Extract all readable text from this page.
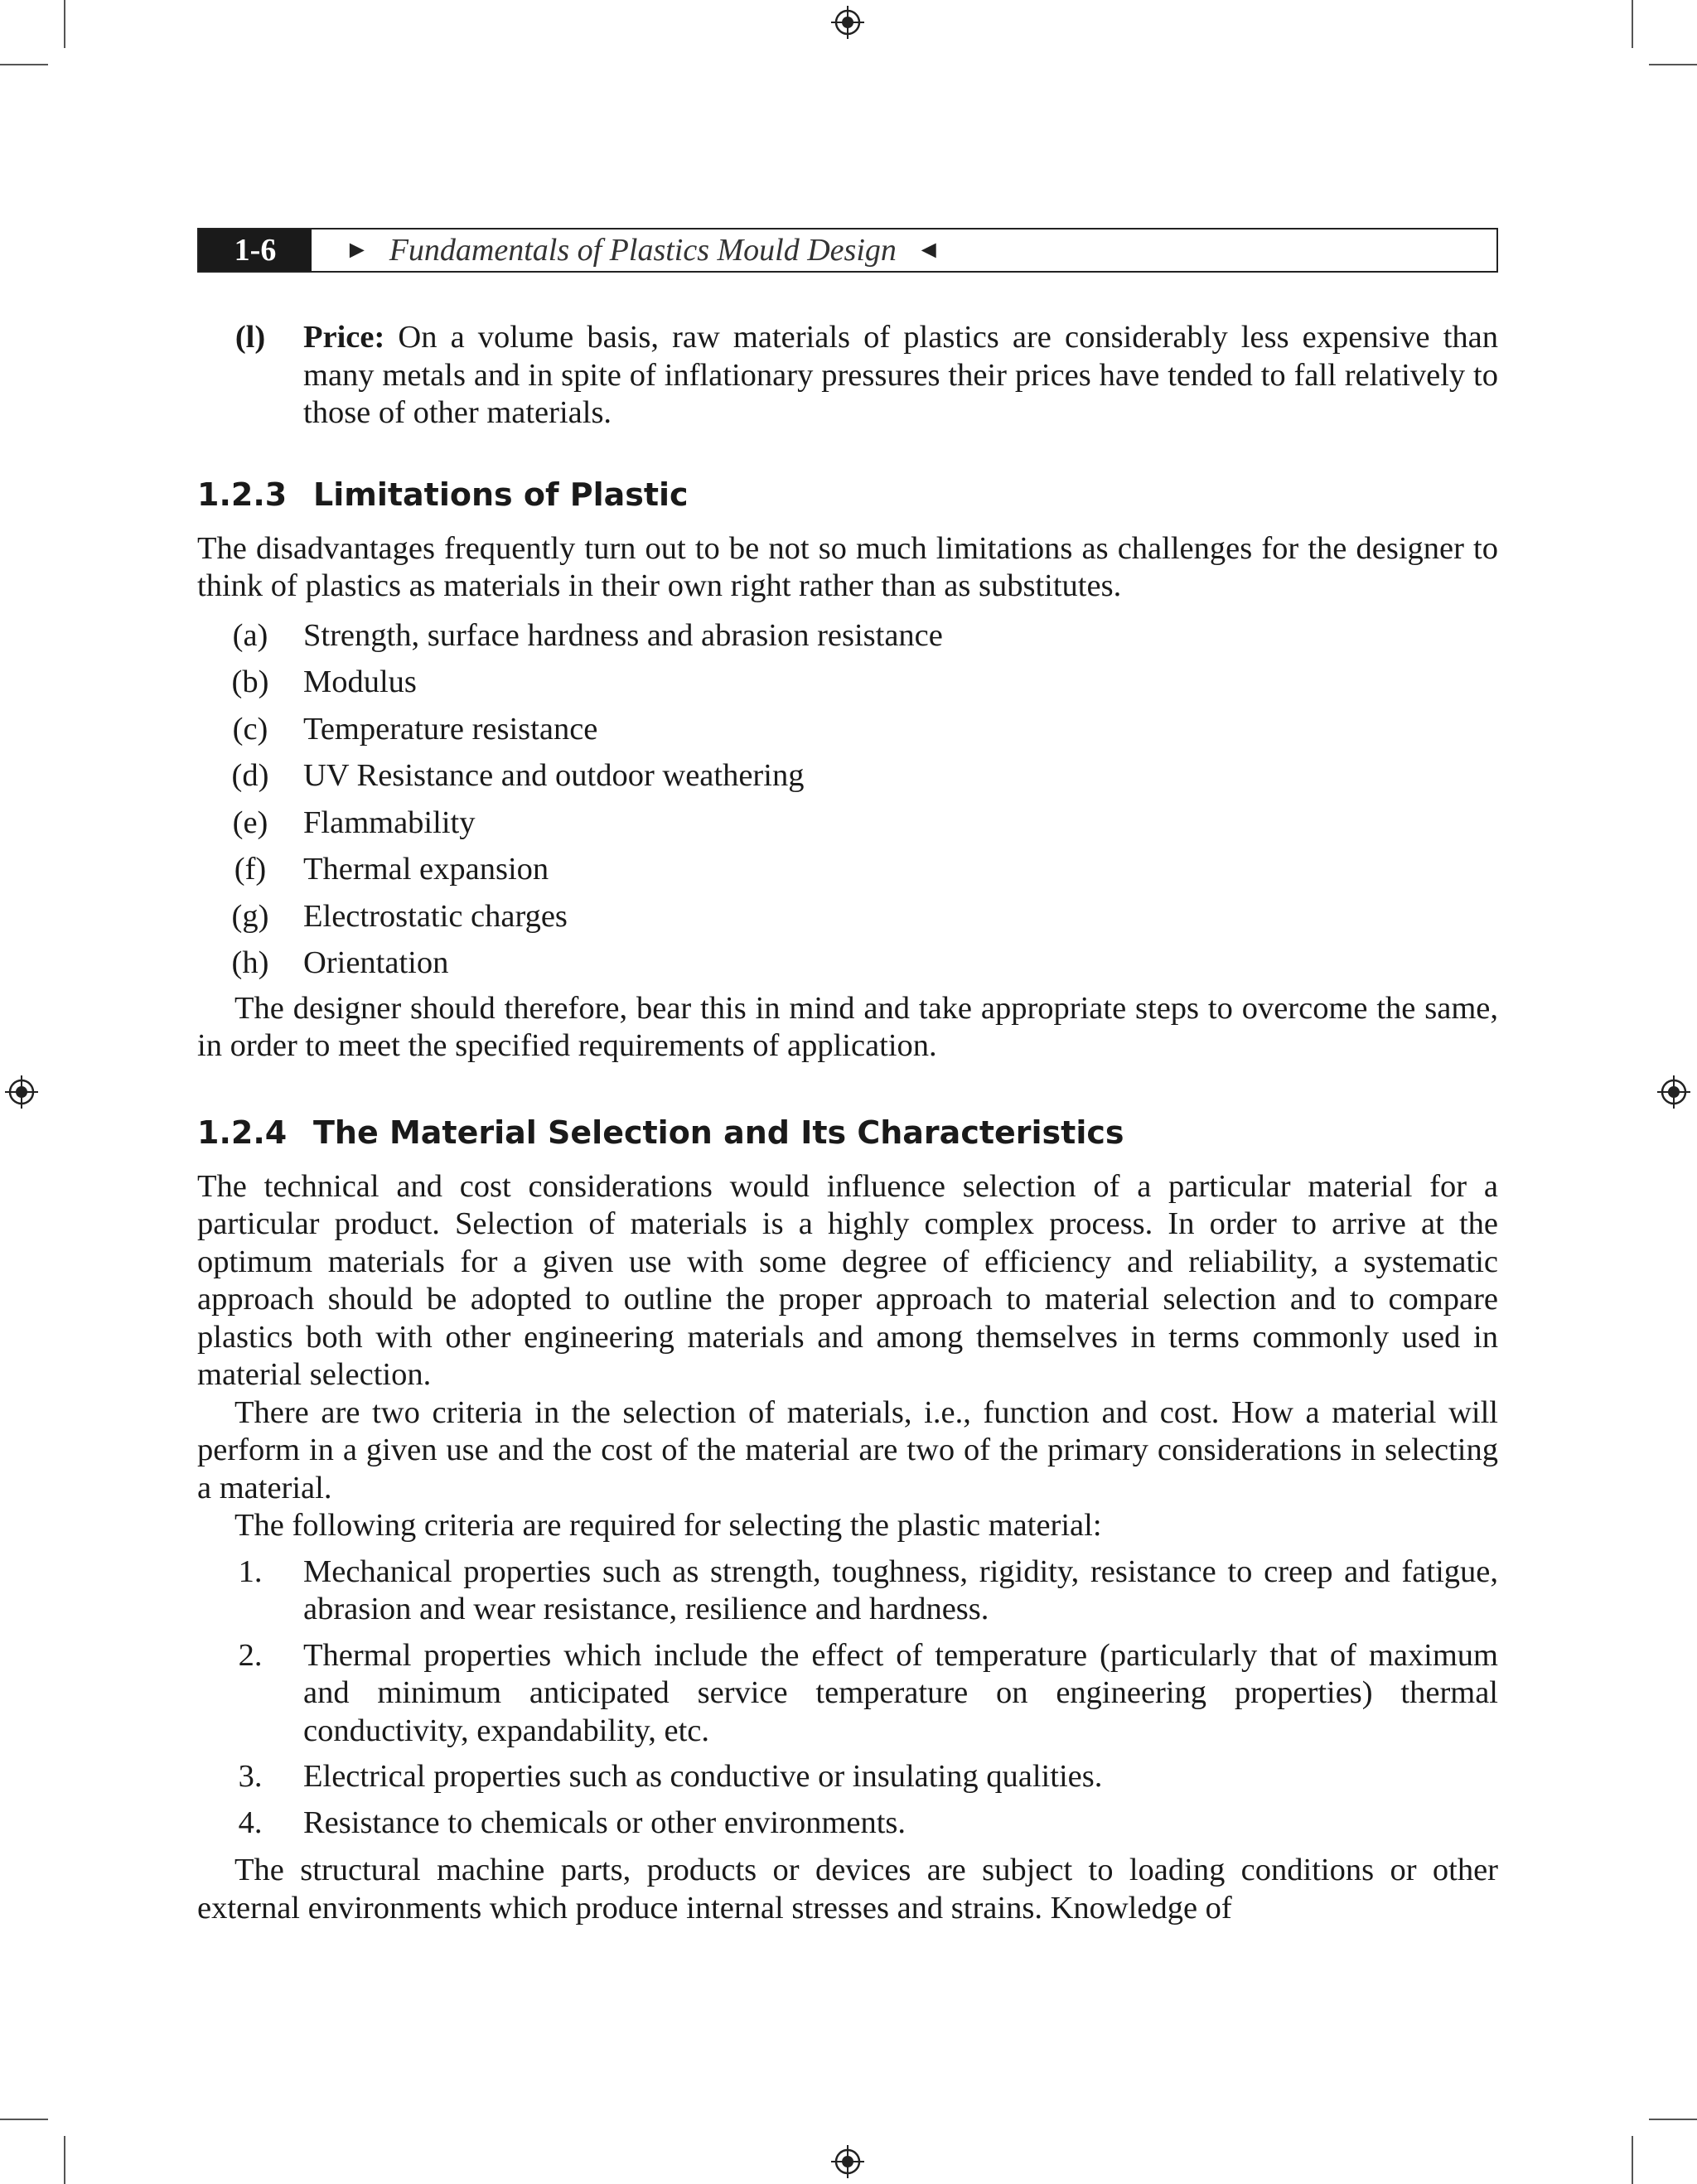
1-6	► Fundamentals of Plastics Mould Design ◄
(l)	Price: On a volume basis, raw materials of plastics are considerably less expensive than many metals and in spite of inflationary pressures their prices have tended to fall relatively to those of other materials.
1.2.3 Limitations of Plastic

The disadvantages frequently turn out to be not so much limitations as challenges for the designer to think of plastics as materials in their own right rather than as substitutes.

(a)	Strength, surface hardness and abrasion resistance
(b)	Modulus
(c)	Temperature resistance
(d)	UV Resistance and outdoor weathering
(e)	Flammability
(f)	Thermal expansion
(g)	Electrostatic charges
(h)	Orientation

The designer should therefore, bear this in mind and take appropriate steps to overcome the same, in order to meet the specified requirements of application.

1.2.4 The Material Selection and Its Characteristics

The technical and cost considerations would influence selection of a particular material for a particular product. Selection of materials is a highly complex process. In order to arrive at the optimum materials for a given use with some degree of efficiency and reliability, a systematic approach should be adopted to outline the proper approach to material selection and to compare plastics both with other engineering materials and among themselves in terms commonly used in material selection.

There are two criteria in the selection of materials, i.e., function and cost. How a material will perform in a given use and the cost of the material are two of the primary considerations in selecting a material.

The following criteria are required for selecting the plastic material:

1.	Mechanical properties such as strength, toughness, rigidity, resistance to creep and fatigue, abrasion and wear resistance, resilience and hardness.
2.	Thermal properties which include the effect of temperature (particularly that of maximum and minimum anticipated service temperature on engineering properties) thermal conductivity, expandability, etc.
3.	Electrical properties such as conductive or insulating qualities.
4.	Resistance to chemicals or other environments.

The structural machine parts, products or devices are subject to loading conditions or other external environments which produce internal stresses and strains. Knowledge of
